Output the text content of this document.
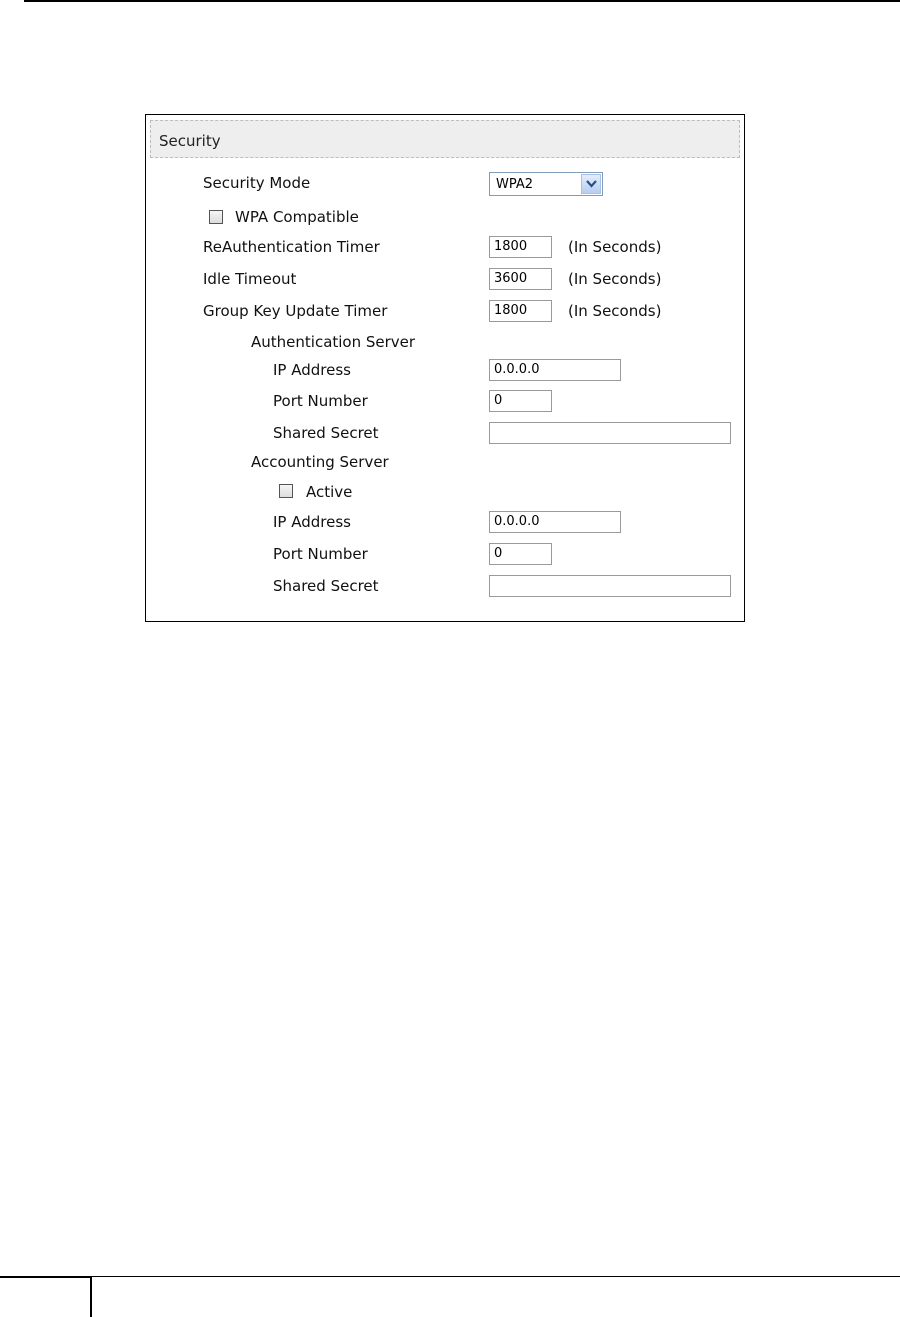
Security
Security Mode	WPA2
WPA Compatible
ReAuthentication Timer	1800	(In Seconds)
Idle Timeout	3600	(In Seconds)
Group Key Update Timer	1800	(In Seconds)
Authentication Server
IP Address	0.0.0.0
Port Number	0
Shared Secret
Accounting Server
Active
IP Address	0.0.0.0
Port Number	0
Shared Secret
